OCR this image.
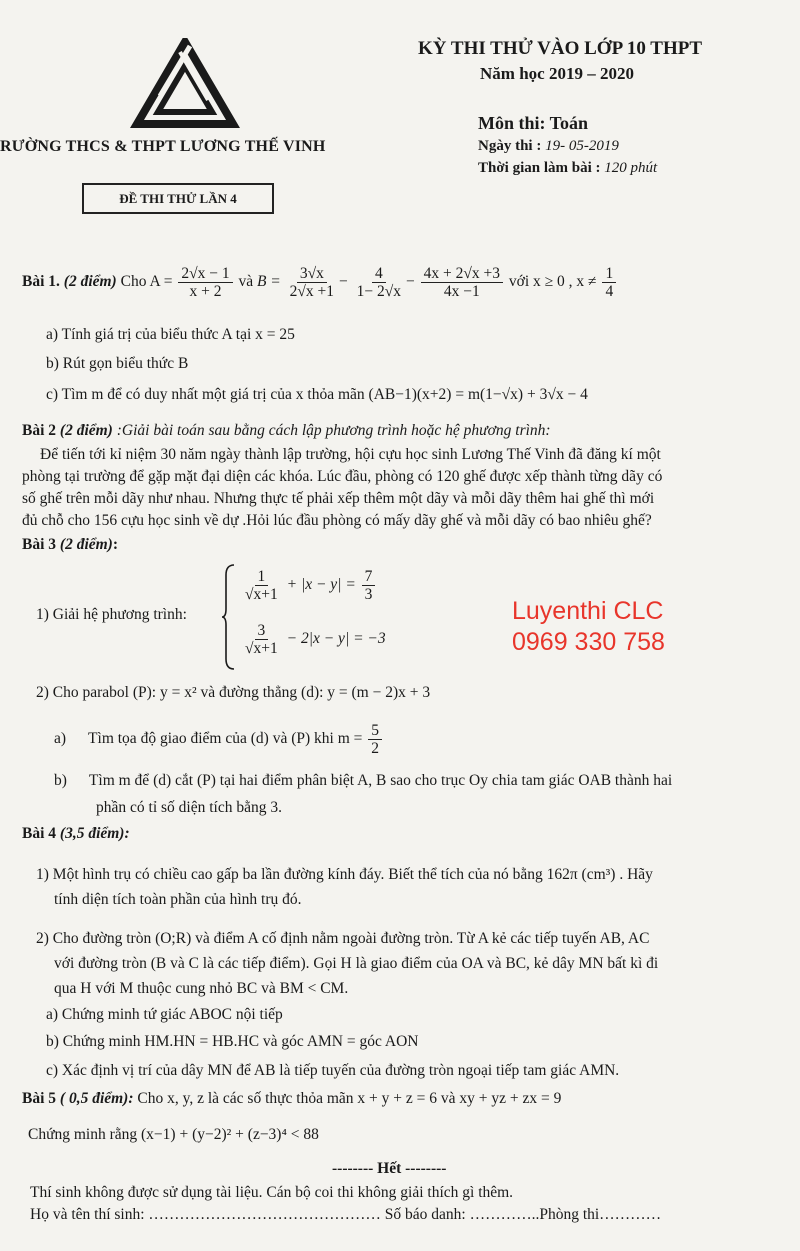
RƯỜNG THCS & THPT LƯƠNG THẾ VINH
ĐỀ THI THỬ LẦN 4
KỲ THI THỬ VÀO LỚP 10 THPT
Năm học 2019 – 2020
Môn thi: Toán
Ngày thi : 19- 05-2019
Thời gian làm bài : 120 phút
Bài 1. (2 điểm) Cho $A = \frac{2√x - 1}{x + 2}$ và $B = \frac{3√x}{2√x +1} - \frac{4}{1- 2√x} - \frac{4x + 2√x +3}{4x -1}$ với x ≥ 0 , $x \ne \frac{1}{4}$
a) Tính giá trị của biểu thức A tại x = 25
b) Rút gọn biểu thức B
c) Tìm m để có duy nhất một giá trị của x thỏa mãn (AB−1)(x+2) = m(1−√x) + 3√x − 4
Bài 2 (2 điểm) :Giải bài toán sau bằng cách lập phương trình hoặc hệ phương trình:
Để tiến tới kỉ niệm 30 năm ngày thành lập trường, hội cựu học sinh Lương Thế Vinh đã đăng kí một
phòng tại trường để gặp mặt đại diện các khóa. Lúc đầu, phòng có 120 ghế được xếp thành từng dãy có
số ghế trên mỗi dãy như nhau. Nhưng thực tế phải xếp thêm một dãy và mỗi dãy thêm hai ghế thì mới
đủ chỗ cho 156 cựu học sinh về dự .Hỏi lúc đầu phòng có mấy dãy ghế và mỗi dãy có bao nhiêu ghế?
Bài 3 (2 điểm):
1) Giải hệ phương trình:
$\frac{1}{√x+1} + |x - y| = \frac{7}{3}$
$\frac{3}{√x+1} - 2|x - y| = -3$
Luyenthi CLC
0969 330 758
2) Cho parabol (P): y = x² và đường thẳng (d): y = (m − 2)x + 3
a) Tìm tọa độ giao điểm của (d) và (P) khi $m = \frac{5}{2}$
b) Tìm m để (d) cắt (P) tại hai điểm phân biệt A, B sao cho trục Oy chia tam giác OAB thành hai
phần có tỉ số diện tích bằng 3.
Bài 4 (3,5 điểm):
1) Một hình trụ có chiều cao gấp ba lần đường kính đáy. Biết thể tích của nó bằng 162π (cm³) . Hãy
tính diện tích toàn phần của hình trụ đó.
2) Cho đường tròn (O;R) và điểm A cố định nằm ngoài đường tròn. Từ A kẻ các tiếp tuyến AB, AC
với đường tròn (B và C là các tiếp điểm). Gọi H là giao điểm của OA và BC, kẻ dây MN bất kì đi
qua H với M thuộc cung nhỏ BC và BM < CM.
a) Chứng minh tứ giác ABOC nội tiếp
b) Chứng minh HM.HN = HB.HC và góc AMN = góc AON
c) Xác định vị trí của dây MN để AB là tiếp tuyến của đường tròn ngoại tiếp tam giác AMN.
Bài 5 ( 0,5 điểm): Cho x, y, z là các số thực thỏa mãn x + y + z = 6 và xy + yz + zx = 9
Chứng minh rằng (x−1) + (y−2)² + (z−3)⁴ < 88
-------- Hết --------
Thí sinh không được sử dụng tài liệu. Cán bộ coi thi không giải thích gì thêm.
Họ và tên thí sinh: ……………………………………… Số báo danh: …………..Phòng thi…………
